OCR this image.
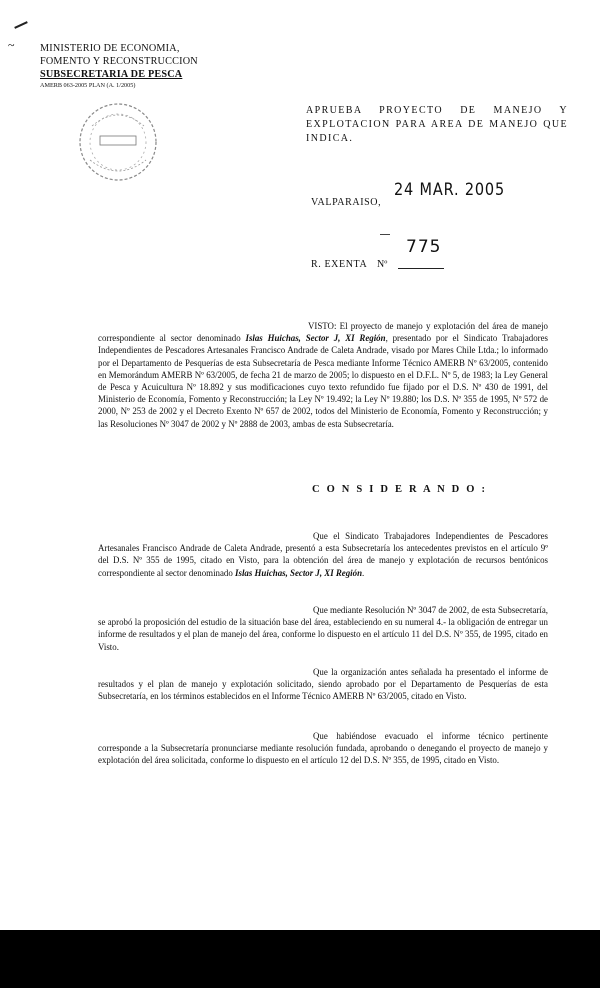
~	MINISTERIO DE ECONOMIA,
FOMENTO Y RECONSTRUCCION
SUBSECRETARIA DE PESCA
AMERB 063-2005 PLAN (A. 1/2005)
APRUEBA PROYECTO DE MANEJO Y EXPLOTACION PARA AREA DE MANEJO QUE INDICA.
VALPARAISO,
24 MAR. 2005
R. EXENTA Nº
775
VISTO: El proyecto de manejo y explotación del área de manejo correspondiente al sector denominado Islas Huichas, Sector J, XI Región, presentado por el Sindicato Trabajadores Independientes de Pescadores Artesanales Francisco Andrade de Caleta Andrade, visado por Mares Chile Ltda.; lo informado por el Departamento de Pesquerías de esta Subsecretaría de Pesca mediante Informe Técnico AMERB Nº 63/2005, contenido en Memorándum AMERB Nº 63/2005, de fecha 21 de marzo de 2005; lo dispuesto en el D.F.L. Nº 5, de 1983; la Ley General de Pesca y Acuicultura Nº 18.892 y sus modificaciones cuyo texto refundido fue fijado por el D.S. Nº 430 de 1991, del Ministerio de Economía, Fomento y Reconstrucción; la Ley Nº 19.492; la Ley Nº 19.880; los D.S. Nº 355 de 1995, Nº 572 de 2000, Nº 253 de 2002 y el Decreto Exento Nº 657 de 2002, todos del Ministerio de Economía, Fomento y Reconstrucción; y las Resoluciones Nº 3047 de 2002 y Nº 2888 de 2003, ambas de esta Subsecretaría.
C O N S I D E R A N D O :
Que el Sindicato Trabajadores Independientes de Pescadores Artesanales Francisco Andrade de Caleta Andrade, presentó a esta Subsecretaría los antecedentes previstos en el artículo 9º del D.S. Nº 355 de 1995, citado en Visto, para la obtención del área de manejo y explotación de recursos bentónicos correspondiente al sector denominado Islas Huichas, Sector J, XI Región.
Que mediante Resolución Nº 3047 de 2002, de esta Subsecretaría, se aprobó la proposición del estudio de la situación base del área, estableciendo en su numeral 4.- la obligación de entregar un informe de resultados y el plan de manejo del área, conforme lo dispuesto en el artículo 11 del D.S. Nº 355, de 1995, citado en Visto.
Que la organización antes señalada ha presentado el informe de resultados y el plan de manejo y explotación solicitado, siendo aprobado por el Departamento de Pesquerías de esta Subsecretaría, en los términos establecidos en el Informe Técnico AMERB Nº 63/2005, citado en Visto.
Que habiéndose evacuado el informe técnico pertinente corresponde a la Subsecretaría pronunciarse mediante resolución fundada, aprobando o denegando el proyecto de manejo y explotación del área solicitada, conforme lo dispuesto en el artículo 12 del D.S. Nº 355, de 1995, citado en Visto.
